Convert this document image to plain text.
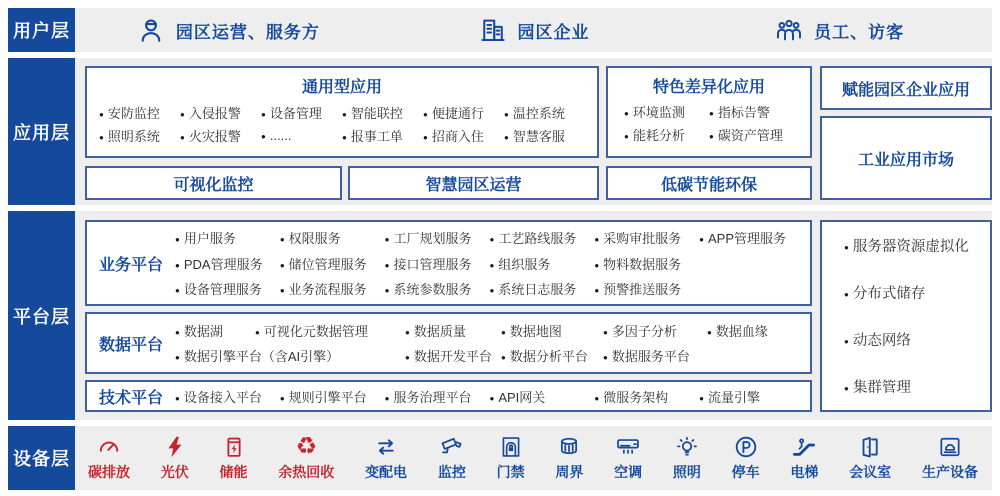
用户层	园区运营、服务方	园区企业	员工、访客
应用层
通用型应用
● 安防监控	● 入侵报警	● 设备管理	● 智能联控	● 便捷通行	● 温控系统
● 照明系统	● 火灾报警	● ......	● 报事工单	● 招商入住	● 智慧客服
特色差异化应用
● 环境监测	● 指标告警
● 能耗分析	● 碳资产管理
赋能园区企业应用
工业应用市场
可视化监控	智慧园区运营	低碳节能环保
平台层
业务平台
● 用户服务	● 权限服务	● 工厂规划服务	● 工艺路线服务	● 采购审批服务	● APP管理服务
● PDA管理服务	● 储位管理服务	● 接口管理服务	● 组织服务	● 物料数据服务
● 设备管理服务	● 业务流程服务	● 系统参数服务	● 系统日志服务	● 预警推送服务
数据平台
● 数据湖	● 可视化元数据管理	● 数据质量	● 数据地图	● 多因子分析	● 数据血缘
● 数据引擎平台（含AI引擎）	● 数据开发平台	● 数据分析平台	● 数据服务平台
技术平台	● 设备接入平台	● 规则引擎平台	● 服务治理平台	● API网关	● 微服务架构	● 流量引擎
● 服务器资源虚拟化
● 分布式储存
● 动态网络
● 集群管理
设备层
碳排放 光伏 储能
♻
余热回收 变配电 监控 门禁 周界 空调 照明 停车 电梯 会议室 生产设备
